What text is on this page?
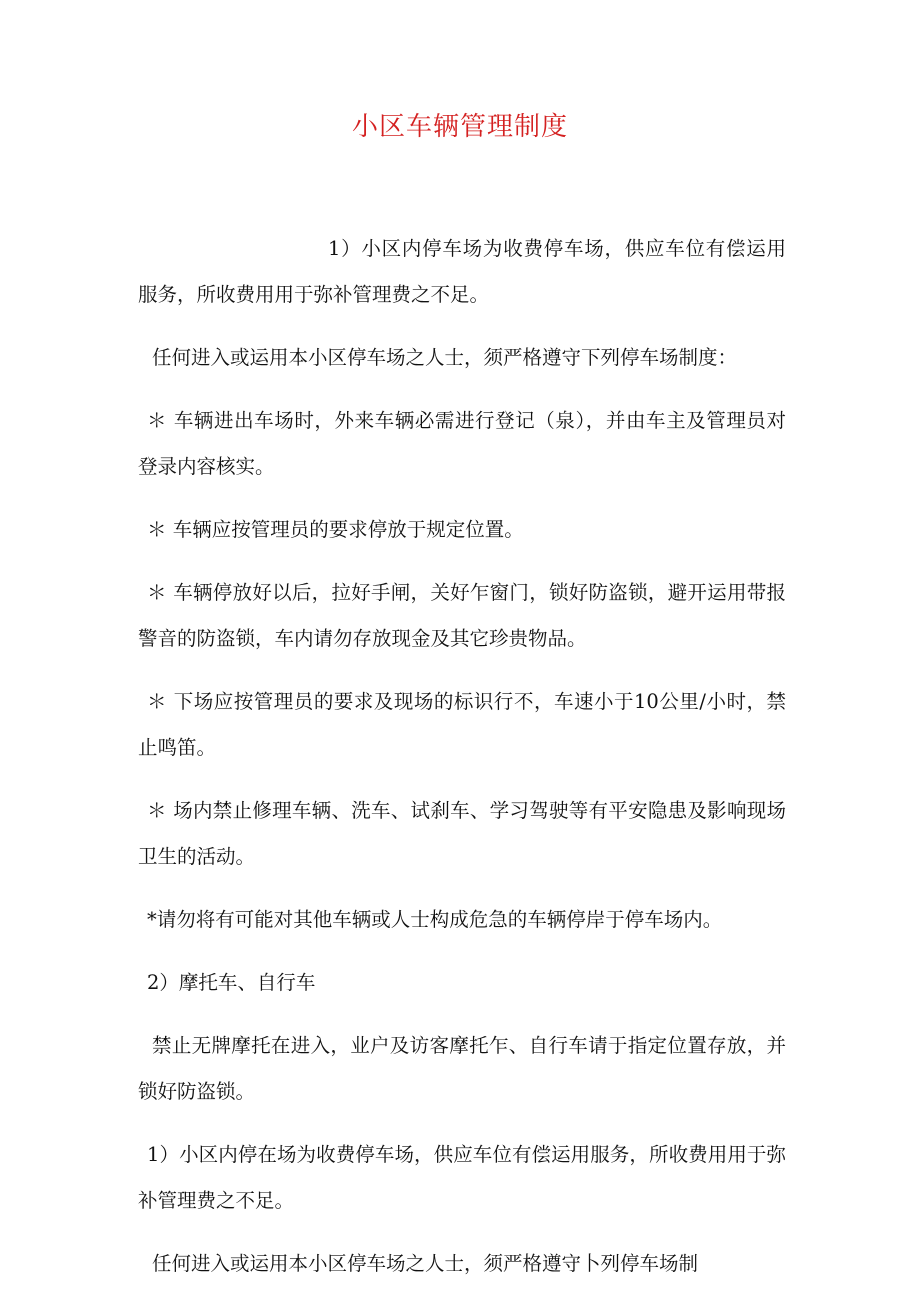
小区车辆管理制度

1）小区内停车场为收费停车场，供应车位有偿运用服务，所收费用用于弥补管理费之不足。

任何进入或运用本小区停车场之人士，须严格遵守下列停车场制度：

＊ 车辆进出车场时，外来车辆必需进行登记（泉），并由车主及管理员对登录内容核实。

＊ 车辆应按管理员的要求停放于规定位置。

＊ 车辆停放好以后，拉好手闸，关好乍窗门，锁好防盗锁，避开运用带报警音的防盗锁，车内请勿存放现金及其它珍贵物品。

＊ 下场应按管理员的要求及现场的标识行不，车速小于10公里/小时，禁止鸣笛。

＊ 场内禁止修理车辆、洗车、试刹车、学习驾驶等有平安隐患及影响现场卫生的活动。

*请勿将有可能对其他车辆或人士构成危急的车辆停岸于停车场内。

2）摩托车、自行车

禁止无牌摩托在进入，业户及访客摩托乍、自行车请于指定位置存放，并锁好防盗锁。

1）小区内停在场为收费停车场，供应车位有偿运用服务，所收费用用于弥补管理费之不足。

任何进入或运用本小区停车场之人士，须严格遵守卜列停车场制
